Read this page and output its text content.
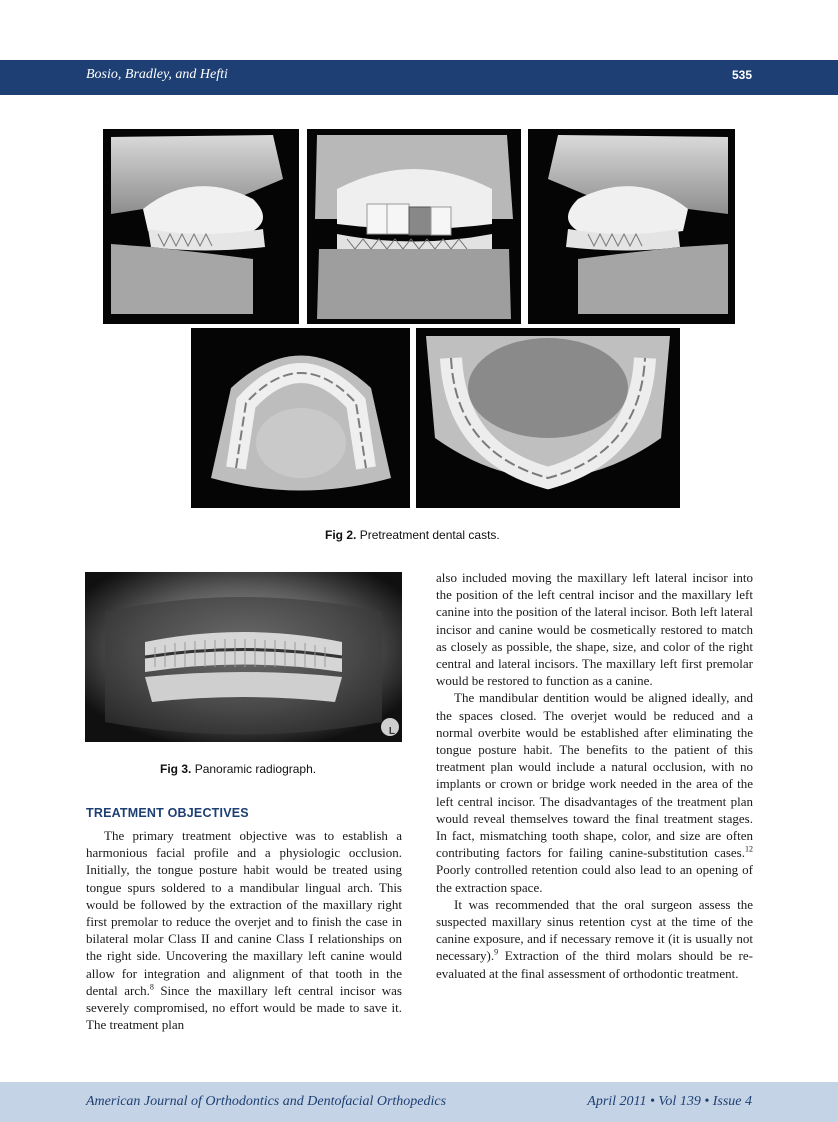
Bosio, Bradley, and Hefti	535
Fig 2. Pretreatment dental casts.
L
Fig 3. Panoramic radiograph.
TREATMENT OBJECTIVES

The primary treatment objective was to establish a harmonious facial profile and a physiologic occlusion. Initially, the tongue posture habit would be treated using tongue spurs soldered to a mandibular lingual arch. This would be followed by the extraction of the maxillary right first premolar to reduce the overjet and to finish the case in bilateral molar Class II and canine Class I relationships on the right side. Uncovering the maxillary left canine would allow for integration and alignment of that tooth in the dental arch.$^8$ Since the maxillary left central incisor was severely compromised, no effort would be made to save it. The treatment plan

also included moving the maxillary left lateral incisor into the position of the left central incisor and the maxillary left canine into the position of the lateral incisor. Both left lateral incisor and canine would be cosmetically restored to match as closely as possible, the shape, size, and color of the right central and lateral incisors. The maxillary left first premolar would be restored to function as a canine.

The mandibular dentition would be aligned ideally, and the spaces closed. The overjet would be reduced and a normal overbite would be established after eliminating the tongue posture habit. The benefits to the patient of this treatment plan would include a natural occlusion, with no implants or crown or bridge work needed in the area of the left central incisor. The disadvantages of the treatment plan would reveal themselves toward the final treatment stages. In fact, mismatching tooth shape, color, and size are often contributing factors for failing canine-substitution cases.$^{12}$ Poorly controlled retention could also lead to an opening of the extraction space.

It was recommended that the oral surgeon assess the suspected maxillary sinus retention cyst at the time of the canine exposure, and if necessary remove it (it is usually not necessary).$^9$ Extraction of the third molars should be re-evaluated at the final assessment of orthodontic treatment.

American Journal of Orthodontics and Dentofacial Orthopedics	April 2011 • Vol 139 • Issue 4
